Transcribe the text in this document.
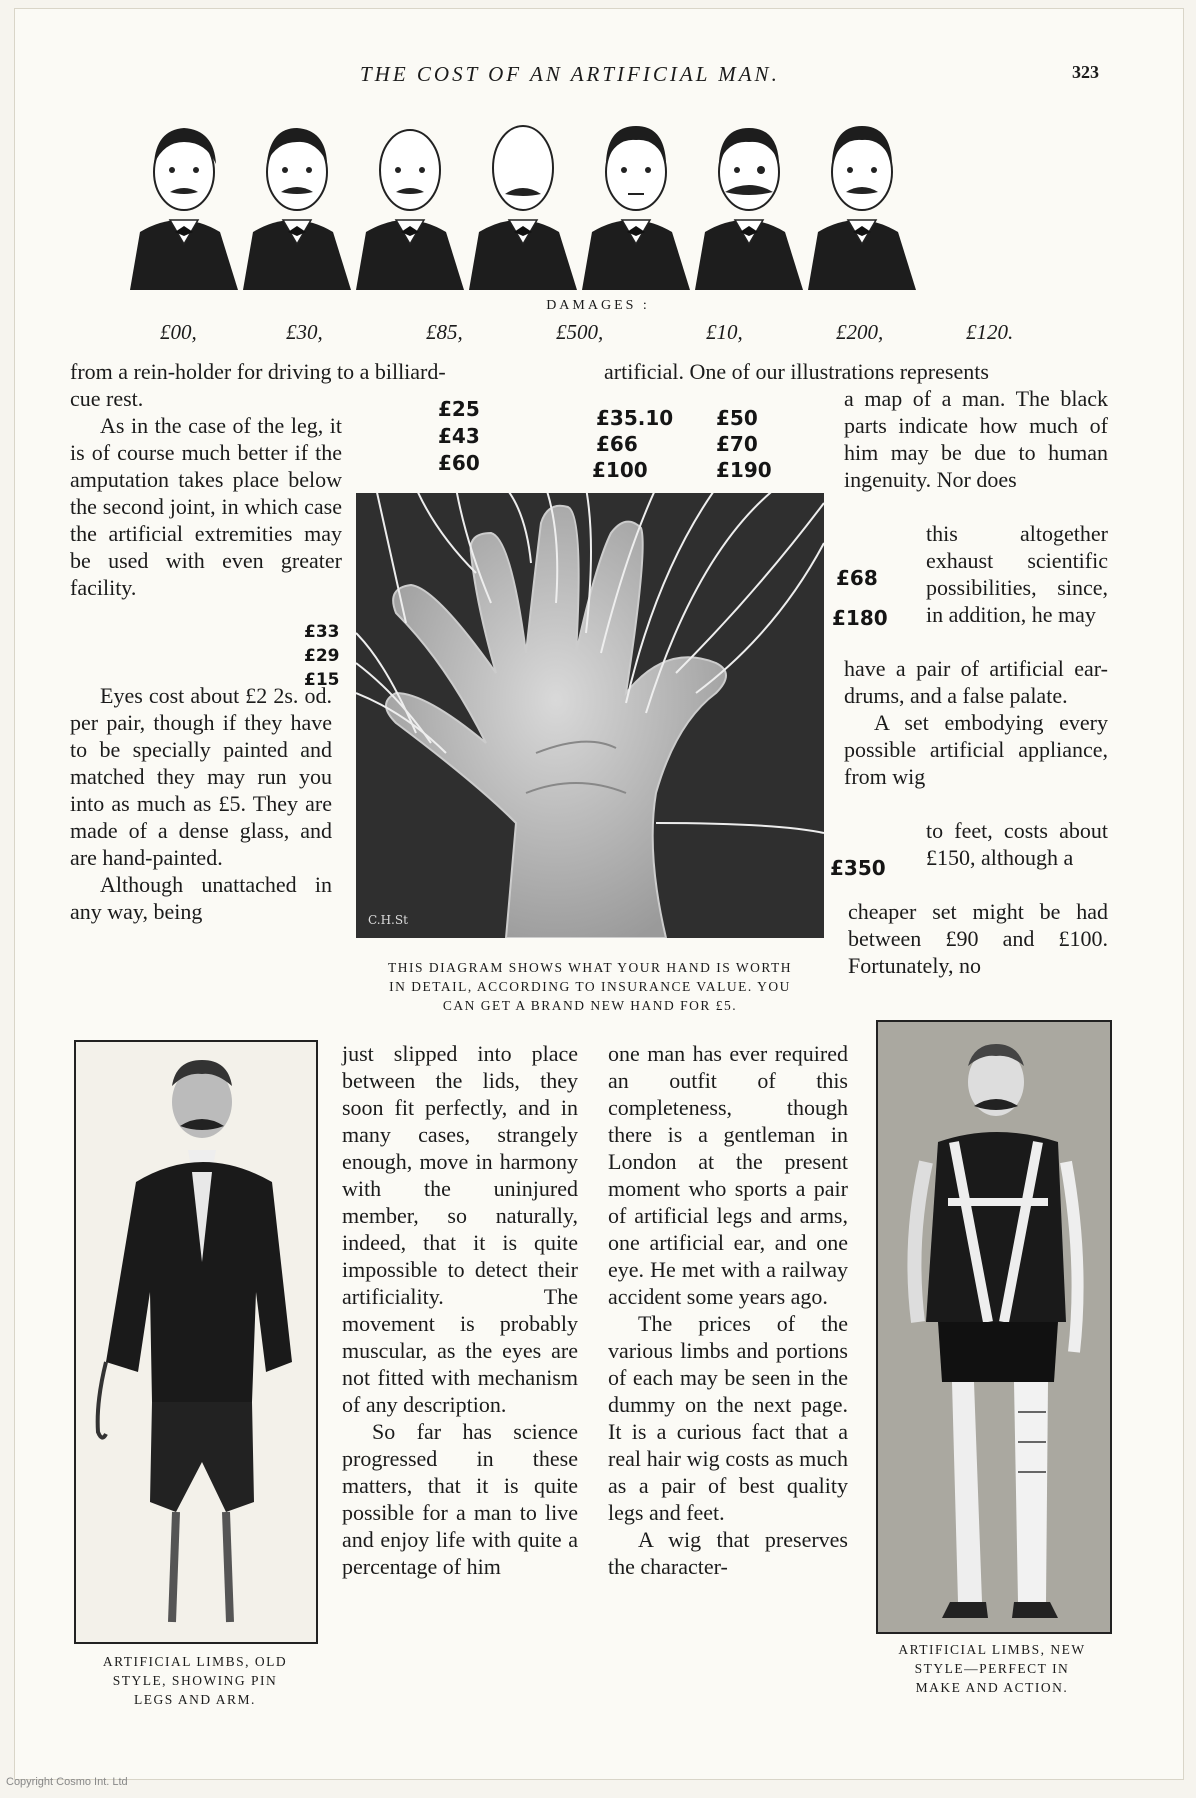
THE COST OF AN ARTIFICIAL MAN.	323
DAMAGES :
£00,	£30,	£85,	£500,	£10,	£200,	£120.
from a rein-holder for driving to a billiard-
cue rest.

As in the case of the leg, it is of course much better if the amputation takes place below the second joint, in which case the artificial extremities may be used with even greater facility.

Eyes cost about £2 2s. od. per pair, though if they have to be specially painted and matched they may run you into as much as £5. They are made of a dense glass, and are hand-painted.

Although unattached in any way, being

artificial. One of our illustrations represents

a map of a man. The black parts indicate how much of him may be due to human ingenuity. Nor does

this altogether exhaust scientific possibilities, since, in addition, he may

have a pair of artificial ear-drums, and a false palate.

A set embodying every possible artificial appliance, from wig

to feet, costs about £150, although a

cheaper set might be had between £90 and £100. Fortunately, no

C.H.St
£25
£43
£60
£35.10
£66
£100
£50
£70
£190
£68
£180
£33
£29
£15
£350
THIS DIAGRAM SHOWS WHAT YOUR HAND IS WORTH
IN DETAIL, ACCORDING TO INSURANCE VALUE. YOU
CAN GET A BRAND NEW HAND FOR £5.
ARTIFICIAL LIMBS, OLD
STYLE, SHOWING PIN
LEGS AND ARM.

just slipped into place between the lids, they soon fit perfectly, and in many cases, strangely enough, move in harmony with the uninjured member, so naturally, indeed, that it is quite impossible to detect their artificiality. The movement is probably muscular, as the eyes are not fitted with mechanism of any description.

So far has science progressed in these matters, that it is quite possible for a man to live and enjoy life with quite a percentage of him

one man has ever required an outfit of this completeness, though there is a gentleman in London at the present moment who sports a pair of artificial legs and arms, one artificial ear, and one eye. He met with a railway accident some years ago.

The prices of the various limbs and portions of each may be seen in the dummy on the next page. It is a curious fact that a real hair wig costs as much as a pair of best quality legs and feet.

A wig that preserves the character-

ARTIFICIAL LIMBS, NEW
STYLE—PERFECT IN
MAKE AND ACTION.
Copyright Cosmo Int. Ltd
